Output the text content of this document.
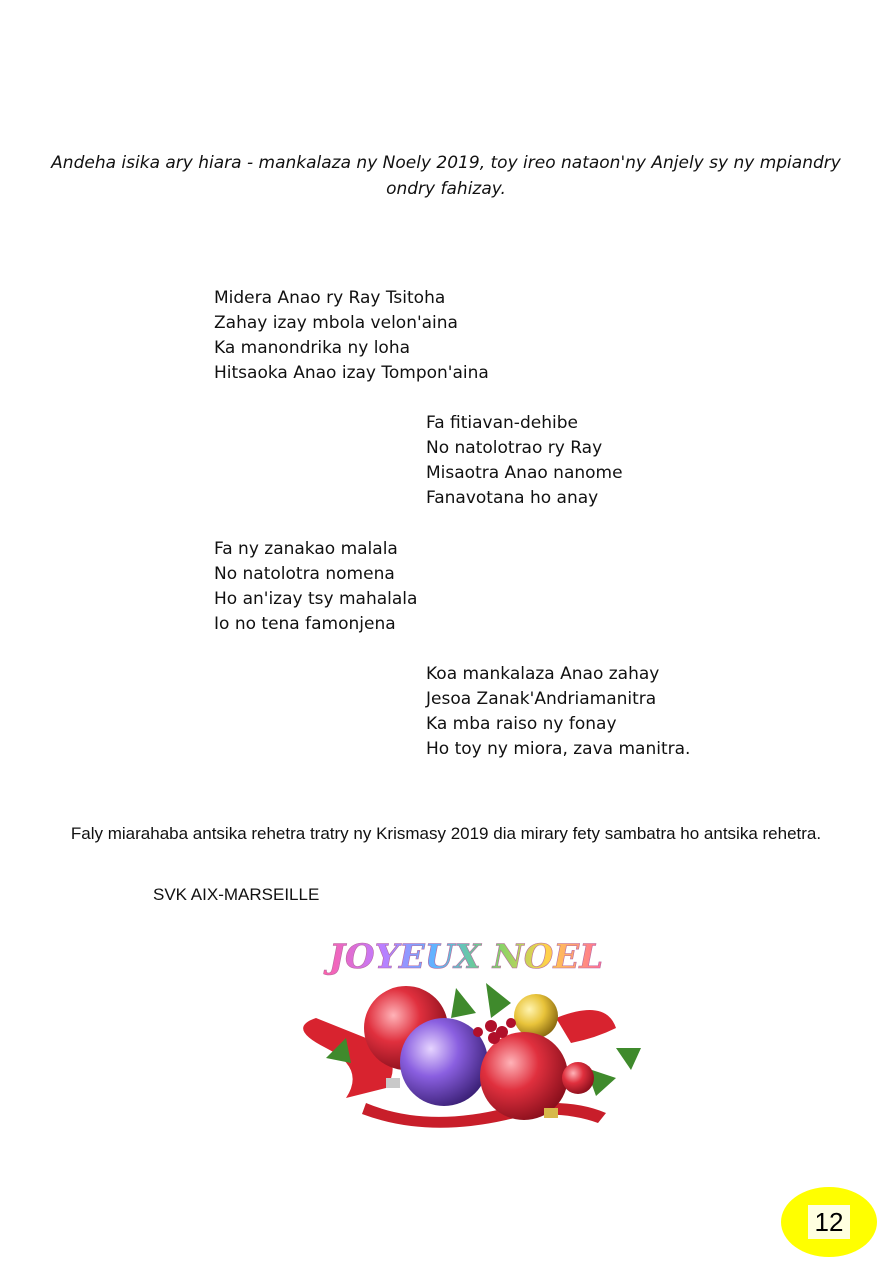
Andeha isika ary hiara - mankalaza ny Noely 2019, toy ireo nataon'ny Anjely sy ny mpiandry ondry fahizay.
Midera Anao ry Ray Tsitoha
Zahay izay mbola velon'aina
Ka manondrika ny loha
Hitsaoka Anao izay Tompon'aina
Fa fitiavan-dehibe
No natolotrao ry Ray
Misaotra Anao nanome
Fanavotana ho anay
Fa ny zanakao malala
No natolotra nomena
Ho an'izay tsy mahalala
Io no tena famonjena
Koa mankalaza Anao zahay
Jesoa Zanak'Andriamanitra
Ka mba raiso ny fonay
Ho toy ny miora, zava manitra.
Faly miarahaba antsika rehetra tratry ny Krismasy 2019 dia mirary fety sambatra ho antsika rehetra.
SVK AIX-MARSEILLE
JOYEUX NOEL
12
